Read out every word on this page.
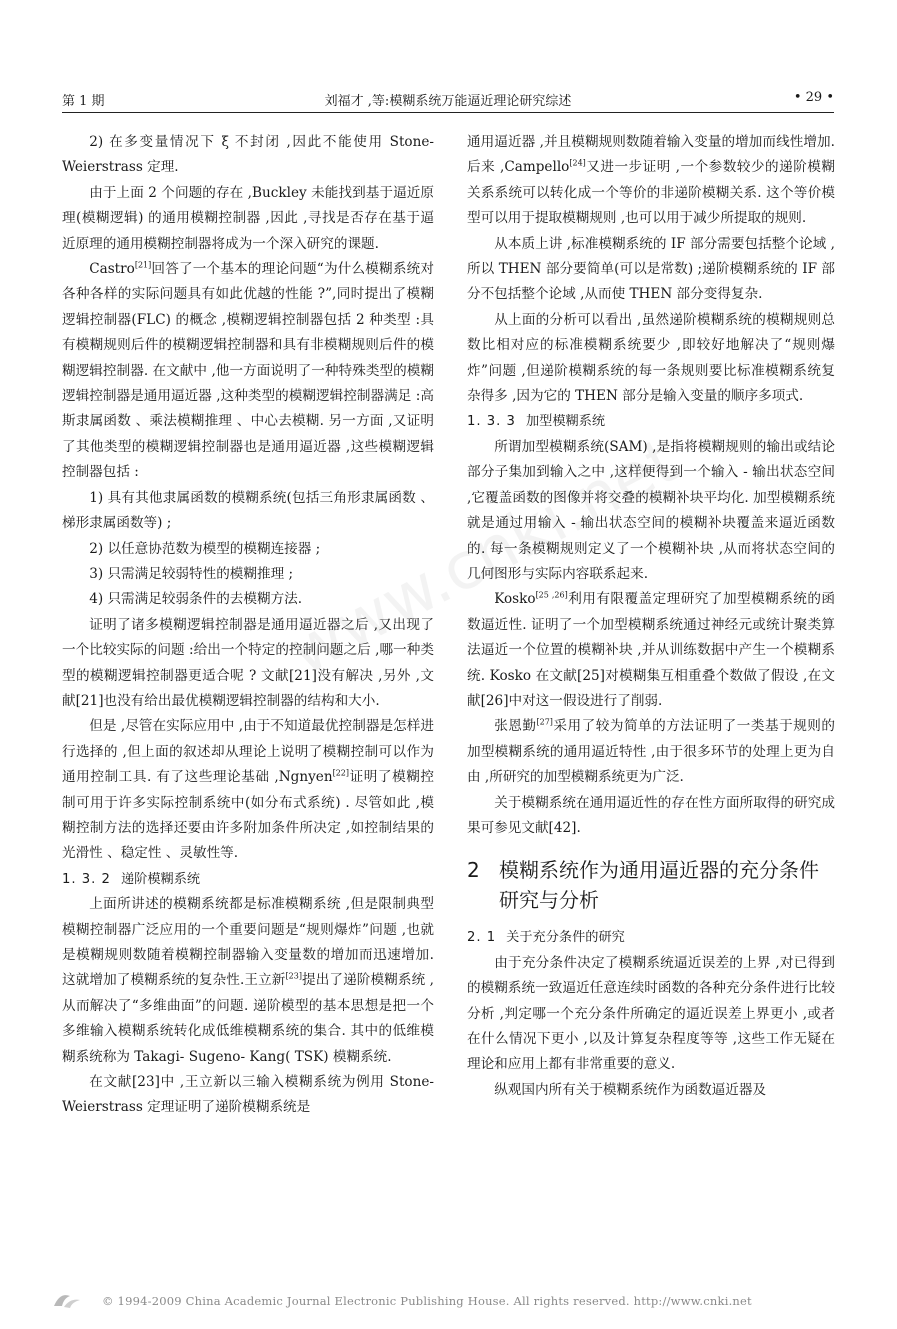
第 1 期	刘福才 ,等:模糊系统万能逼近理论研究综述	• 29 •

2) 在多变量情况下 ξ 不封闭 ,因此不能使用 Stone- Weierstrass 定理.

由于上面 2 个问题的存在 ,Buckley 未能找到基于逼近原理(模糊逻辑) 的通用模糊控制器 ,因此 ,寻找是否存在基于逼近原理的通用模糊控制器将成为一个深入研究的课题.

Castro[21]回答了一个基本的理论问题“为什么模糊系统对各种各样的实际问题具有如此优越的性能 ?”,同时提出了模糊逻辑控制器(FLC) 的概念 ,模糊逻辑控制器包括 2 种类型 :具有模糊规则后件的模糊逻辑控制器和具有非模糊规则后件的模糊逻辑控制器. 在文献中 ,他一方面说明了一种特殊类型的模糊逻辑控制器是通用逼近器 ,这种类型的模糊逻辑控制器满足 :高斯隶属函数 、乘法模糊推理 、中心去模糊. 另一方面 ,又证明了其他类型的模糊逻辑控制器也是通用逼近器 ,这些模糊逻辑控制器包括 :

1) 具有其他隶属函数的模糊系统(包括三角形隶属函数 、梯形隶属函数等) ;

2) 以任意协范数为模型的模糊连接器 ;

3) 只需满足较弱特性的模糊推理 ;

4) 只需满足较弱条件的去模糊方法.

证明了诸多模糊逻辑控制器是通用逼近器之后 ,又出现了一个比较实际的问题 :给出一个特定的控制问题之后 ,哪一种类型的模糊逻辑控制器更适合呢 ? 文献[21]没有解决 ,另外 ,文献[21]也没有给出最优模糊逻辑控制器的结构和大小.

但是 ,尽管在实际应用中 ,由于不知道最优控制器是怎样进行选择的 ,但上面的叙述却从理论上说明了模糊控制可以作为通用控制工具. 有了这些理论基础 ,Ngnyen[22]证明了模糊控制可用于许多实际控制系统中(如分布式系统) . 尽管如此 ,模糊控制方法的选择还要由许多附加条件所决定 ,如控制结果的光滑性 、稳定性 、灵敏性等.

1. 3. 2 递阶模糊系统

上面所讲述的模糊系统都是标准模糊系统 ,但是限制典型模糊控制器广泛应用的一个重要问题是“规则爆炸”问题 ,也就是模糊规则数随着模糊控制器输入变量数的增加而迅速增加. 这就增加了模糊系统的复杂性.王立新[23]提出了递阶模糊系统 ,从而解决了“多维曲面”的问题. 递阶模型的基本思想是把一个多维输入模糊系统转化成低维模糊系统的集合. 其中的低维模糊系统称为 Takagi- Sugeno- Kang( TSK) 模糊系统.

在文献[23]中 ,王立新以三输入模糊系统为例用 Stone- Weierstrass 定理证明了递阶模糊系统是

通用逼近器 ,并且模糊规则数随着输入变量的增加而线性增加. 后来 ,Campello[24]又进一步证明 ,一个参数较少的递阶模糊关系系统可以转化成一个等价的非递阶模糊关系. 这个等价模型可以用于提取模糊规则 ,也可以用于减少所提取的规则.

从本质上讲 ,标准模糊系统的 IF 部分需要包括整个论域 ,所以 THEN 部分要简单(可以是常数) ;递阶模糊系统的 IF 部分不包括整个论域 ,从而使 THEN 部分变得复杂.

从上面的分析可以看出 ,虽然递阶模糊系统的模糊规则总数比相对应的标准模糊系统要少 ,即较好地解决了“规则爆炸”问题 ,但递阶模糊系统的每一条规则要比标准模糊系统复杂得多 ,因为它的 THEN 部分是输入变量的顺序多项式.

1. 3. 3 加型模糊系统

所谓加型模糊系统(SAM) ,是指将模糊规则的输出或结论部分子集加到输入之中 ,这样便得到一个输入 - 输出状态空间 ,它覆盖函数的图像并将交叠的模糊补块平均化. 加型模糊系统就是通过用输入 - 输出状态空间的模糊补块覆盖来逼近函数的. 每一条模糊规则定义了一个模糊补块 ,从而将状态空间的几何图形与实际内容联系起来.

Kosko[25 ,26]利用有限覆盖定理研究了加型模糊系统的函数逼近性. 证明了一个加型模糊系统通过神经元或统计聚类算法逼近一个位置的模糊补块 ,并从训练数据中产生一个模糊系统. Kosko 在文献[25]对模糊集互相重叠个数做了假设 ,在文献[26]中对这一假设进行了削弱.

张恩勤[27]采用了较为简单的方法证明了一类基于规则的加型模糊系统的通用逼近特性 ,由于很多环节的处理上更为自由 ,所研究的加型模糊系统更为广泛.

关于模糊系统在通用逼近性的存在性方面所取得的研究成果可参见文献[42].

2 模糊系统作为通用逼近器的充分条件研究与分析

2. 1 关于充分条件的研究

由于充分条件决定了模糊系统逼近误差的上界 ,对已得到的模糊系统一致逼近任意连续时函数的各种充分条件进行比较分析 ,判定哪一个充分条件所确定的逼近误差上界更小 ,或者在什么情况下更小 ,以及计算复杂程度等等 ,这些工作无疑在理论和应用上都有非常重要的意义.

纵观国内所有关于模糊系统作为函数逼近器及

© 1994-2009 China Academic Journal Electronic Publishing House. All rights reserved. http://www.cnki.net
